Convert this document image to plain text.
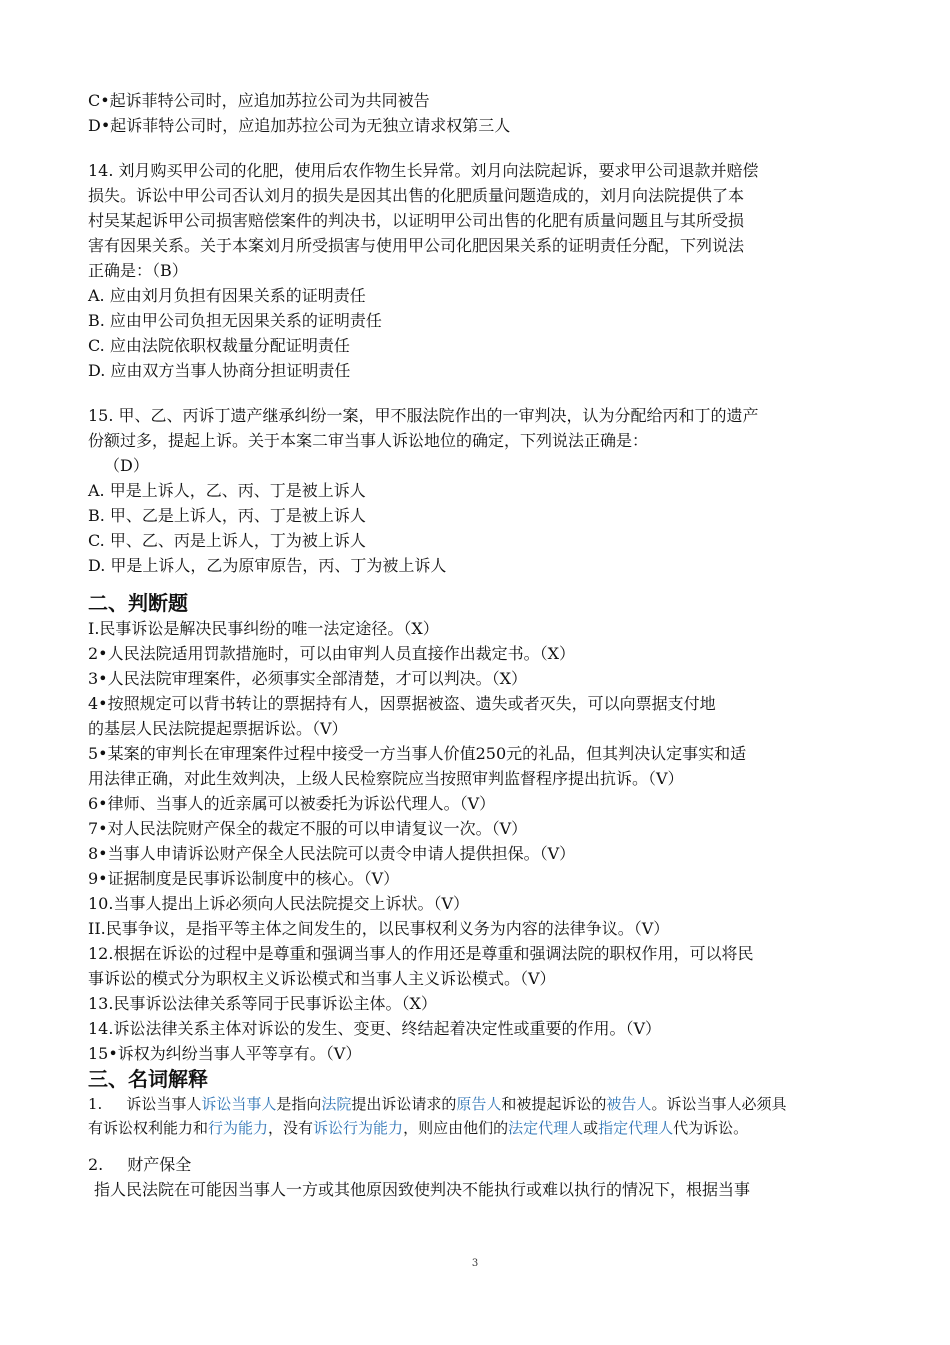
C•起诉菲特公司时，应追加苏拉公司为共同被告
D•起诉菲特公司时，应追加苏拉公司为无独立请求权第三人
14. 刘月购买甲公司的化肥，使用后农作物生长异常。刘月向法院起诉，要求甲公司退款并赔偿
损失。诉讼中甲公司否认刘月的损失是因其出售的化肥质量问题造成的，刘月向法院提供了本
村吴某起诉甲公司损害赔偿案件的判决书，以证明甲公司出售的化肥有质量问题且与其所受损
害有因果关系。关于本案刘月所受损害与使用甲公司化肥因果关系的证明责任分配，下列说法
正确是：（B）
A. 应由刘月负担有因果关系的证明责任
B. 应由甲公司负担无因果关系的证明责任
C. 应由法院依职权裁量分配证明责任
D. 应由双方当事人协商分担证明责任
15. 甲、乙、丙诉丁遗产继承纠纷一案，甲不服法院作出的一审判决，认为分配给丙和丁的遗产
份额过多，提起上诉。关于本案二审当事人诉讼地位的确定，下列说法正确是：
（D）
A. 甲是上诉人，乙、丙、丁是被上诉人
B. 甲、乙是上诉人，丙、丁是被上诉人
C. 甲、乙、丙是上诉人，丁为被上诉人
D. 甲是上诉人，乙为原审原告，丙、丁为被上诉人
二、判断题
I.民事诉讼是解决民事纠纷的唯一法定途径。（X）
2•人民法院适用罚款措施时，可以由审判人员直接作出裁定书。（X）
3•人民法院审理案件，必须事实全部清楚，才可以判决。（X）
4•按照规定可以背书转让的票据持有人，因票据被盗、遗失或者灭失，可以向票据支付地
的基层人民法院提起票据诉讼。（V）
5•某案的审判长在审理案件过程中接受一方当事人价值250元的礼品，但其判决认定事实和适
用法律正确，对此生效判决，上级人民检察院应当按照审判监督程序提出抗诉。（V）
6•律师、当事人的近亲属可以被委托为诉讼代理人。（V）
7•对人民法院财产保全的裁定不服的可以申请复议一次。（V）
8•当事人申请诉讼财产保全人民法院可以责令申请人提供担保。（V）
9•证据制度是民事诉讼制度中的核心。（V）
10.当事人提出上诉必须向人民法院提交上诉状。（V）
II.民事争议，是指平等主体之间发生的，以民事权利义务为内容的法律争议。（V）
12.根据在诉讼的过程中是尊重和强调当事人的作用还是尊重和强调法院的职权作用，可以将民
事诉讼的模式分为职权主义诉讼模式和当事人主义诉讼模式。（V）
13.民事诉讼法律关系等同于民事诉讼主体。（X）
14.诉讼法律关系主体对诉讼的发生、变更、终结起着决定性或重要的作用。（V）
15•诉权为纠纷当事人平等享有。（V）
三、名词解释
1. 诉讼当事人诉讼当事人是指向法院提出诉讼请求的原告人和被提起诉讼的被告人。诉讼当事人必须具
有诉讼权利能力和行为能力，没有诉讼行为能力，则应由他们的法定代理人或指定代理人代为诉讼。
2. 财产保全
指人民法院在可能因当事人一方或其他原因致使判决不能执行或难以执行的情况下，根据当事
3
